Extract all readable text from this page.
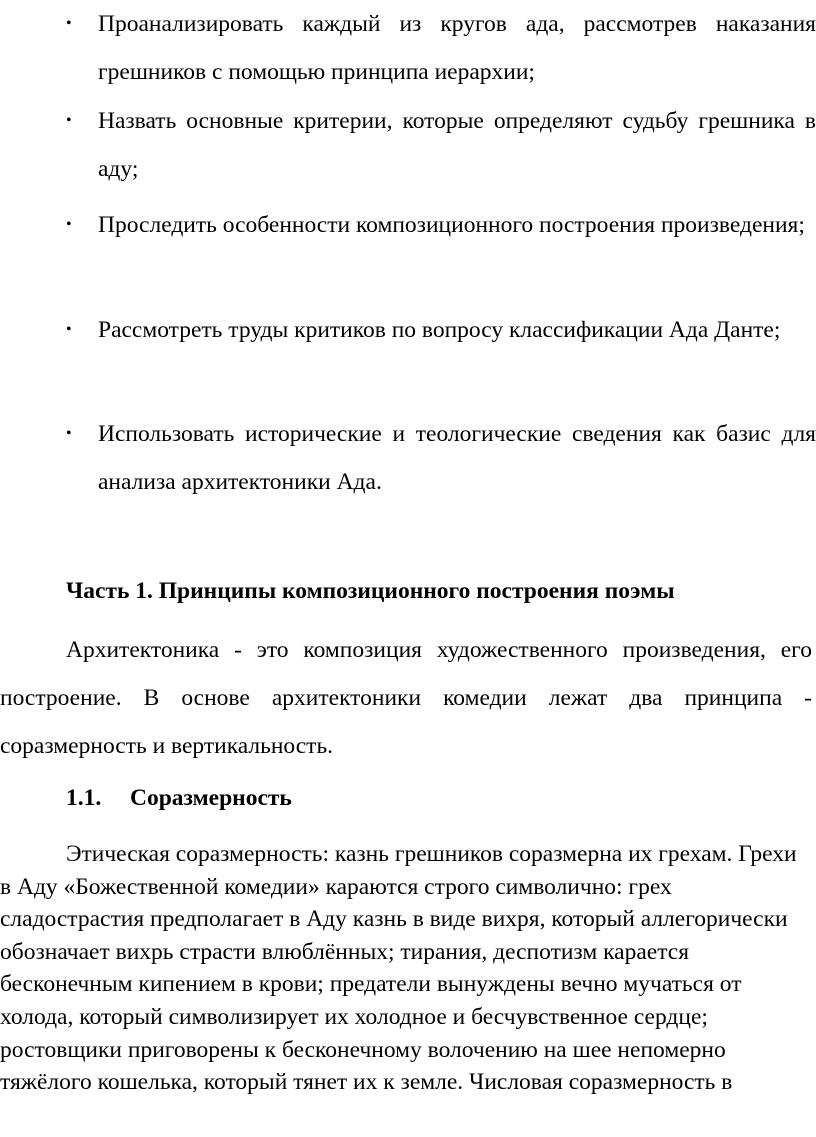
• Проанализировать каждый из кругов ада, рассмотрев наказания грешников с помощью принципа иерархии;
• Назвать основные критерии, которые определяют судьбу грешника в аду;
• Проследить особенности композиционного построения произведения;
• Рассмотреть труды критиков по вопросу классификации Ада Данте;
• Использовать исторические и теологические сведения как базис для анализа архитектоники Ада.
Часть 1. Принципы композиционного построения поэмы

Архитектоника - это композиция художественного произведения, его построение. В основе архитектоники комедии лежат два принципа - соразмерность и вертикальность.

1.1. Соразмерность

Этическая соразмерность: казнь грешников соразмерна их грехам. Грехи в Аду «Божественной комедии» караются строго символично: грех сладострастия предполагает в Аду казнь в виде вихря, который аллегорически обозначает вихрь страсти влюблённых; тирания, деспотизм карается бесконечным кипением в крови; предатели вынуждены вечно мучаться от холода, который символизирует их холодное и бесчувственное сердце; ростовщики приговорены к бесконечному волочению на шее непомерно тяжёлого кошелька, который тянет их к земле. Числовая соразмерность в
